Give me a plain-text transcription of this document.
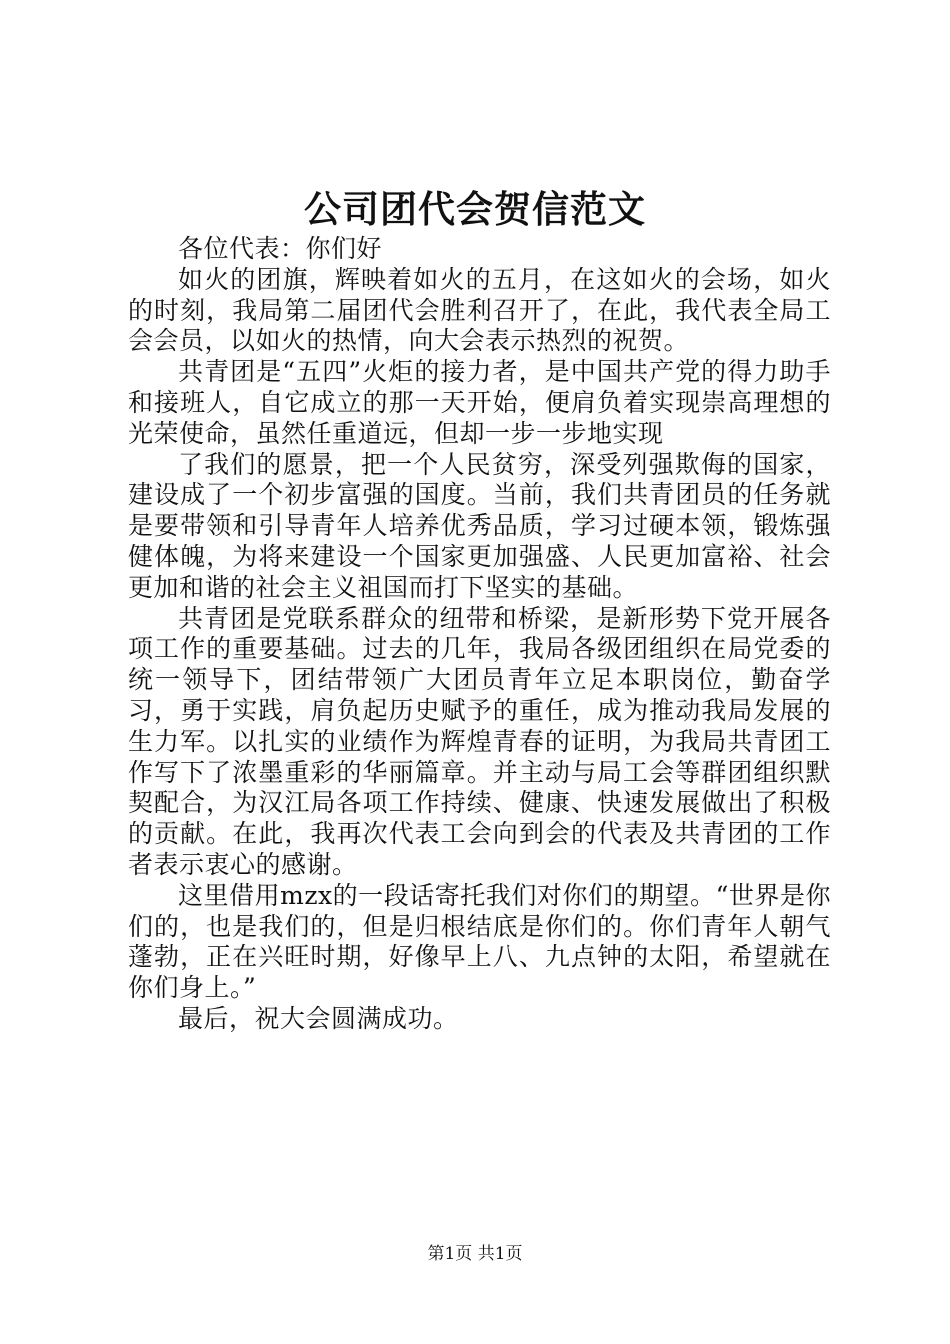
公司团代会贺信范文

各位代表：你们好

如火的团旗，辉映着如火的五月，在这如火的会场，如火的时刻，我局第二届团代会胜利召开了，在此，我代表全局工会会员，以如火的热情，向大会表示热烈的祝贺。

共青团是“五四”火炬的接力者，是中国共产党的得力助手和接班人，自它成立的那一天开始，便肩负着实现崇高理想的光荣使命，虽然任重道远，但却一步一步地实现

了我们的愿景，把一个人民贫穷，深受列强欺侮的国家，建设成了一个初步富强的国度。当前，我们共青团员的任务就是要带领和引导青年人培养优秀品质，学习过硬本领，锻炼强健体魄，为将来建设一个国家更加强盛、人民更加富裕、社会更加和谐的社会主义祖国而打下坚实的基础。

共青团是党联系群众的纽带和桥梁，是新形势下党开展各项工作的重要基础。过去的几年，我局各级团组织在局党委的统一领导下，团结带领广大团员青年立足本职岗位，勤奋学习，勇于实践，肩负起历史赋予的重任，成为推动我局发展的生力军。以扎实的业绩作为辉煌青春的证明，为我局共青团工作写下了浓墨重彩的华丽篇章。并主动与局工会等群团组织默契配合，为汉江局各项工作持续、健康、快速发展做出了积极的贡献。在此，我再次代表工会向到会的代表及共青团的工作者表示衷心的感谢。

这里借用mzx的一段话寄托我们对你们的期望。“世界是你们的，也是我们的，但是归根结底是你们的。你们青年人朝气蓬勃，正在兴旺时期，好像早上八、九点钟的太阳，希望就在你们身上。”

最后，祝大会圆满成功。

第1页 共1页
